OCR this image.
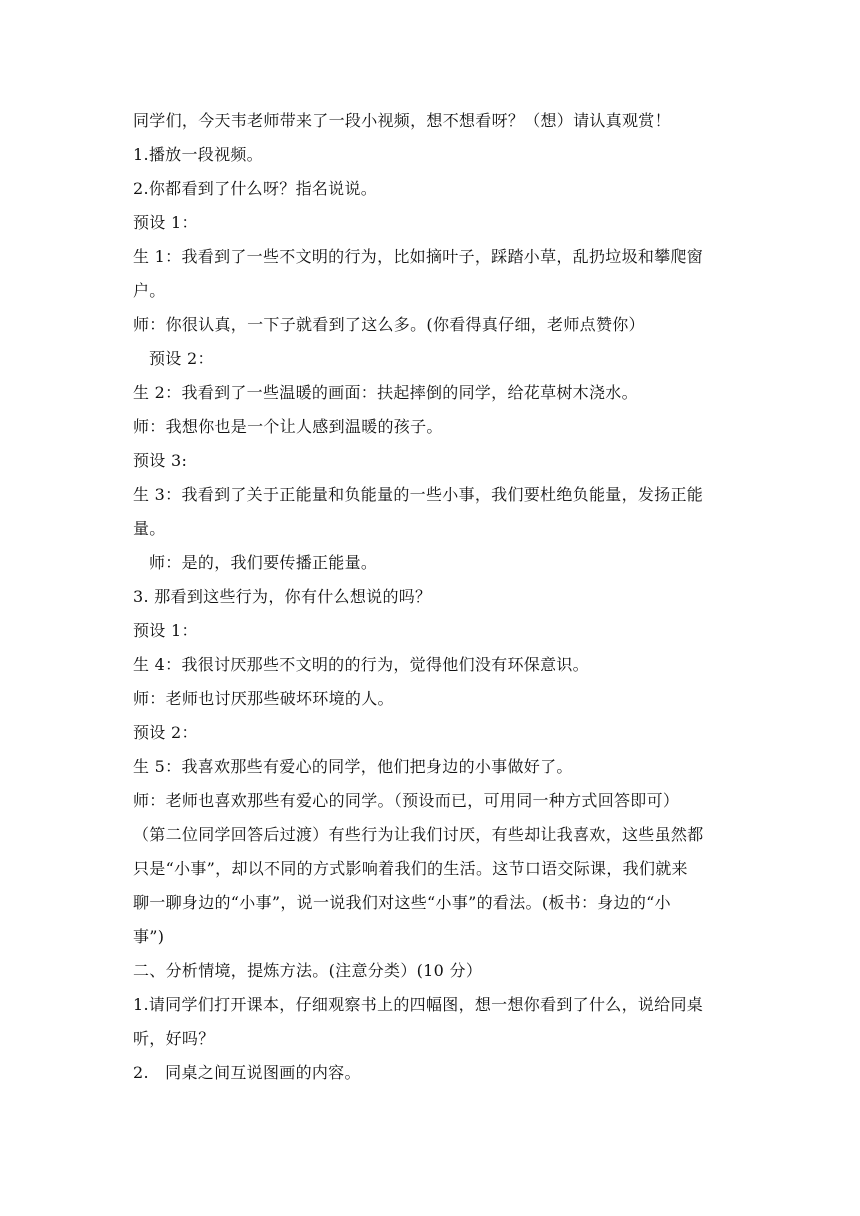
同学们，今天韦老师带来了一段小视频，想不想看呀？（想）请认真观赏！
1.播放一段视频。
2.你都看到了什么呀？指名说说。
预设 1：
生 1：我看到了一些不文明的行为，比如摘叶子，踩踏小草，乱扔垃圾和攀爬窗
户。
师：你很认真，一下子就看到了这么多。(你看得真仔细，老师点赞你）
预设 2：
生 2：我看到了一些温暖的画面：扶起摔倒的同学，给花草树木浇水。
师：我想你也是一个让人感到温暖的孩子。
预设 3:
生 3：我看到了关于正能量和负能量的一些小事，我们要杜绝负能量，发扬正能
量。
师：是的，我们要传播正能量。
3. 那看到这些行为，你有什么想说的吗？
预设 1：
生 4：我很讨厌那些不文明的的行为，觉得他们没有环保意识。
师：老师也讨厌那些破坏环境的人。
预设 2：
生 5：我喜欢那些有爱心的同学，他们把身边的小事做好了。
师：老师也喜欢那些有爱心的同学。（预设而已，可用同一种方式回答即可）
（第二位同学回答后过渡）有些行为让我们讨厌，有些却让我喜欢，这些虽然都
只是“小事”，却以不同的方式影响着我们的生活。这节口语交际课，我们就来
聊一聊身边的“小事”，说一说我们对这些“小事”的看法。(板书：身边的“小
事”)
二、分析情境，提炼方法。(注意分类）(10 分）
1.请同学们打开课本，仔细观察书上的四幅图，想一想你看到了什么，说给同桌
听，好吗？
2.　同桌之间互说图画的内容。
